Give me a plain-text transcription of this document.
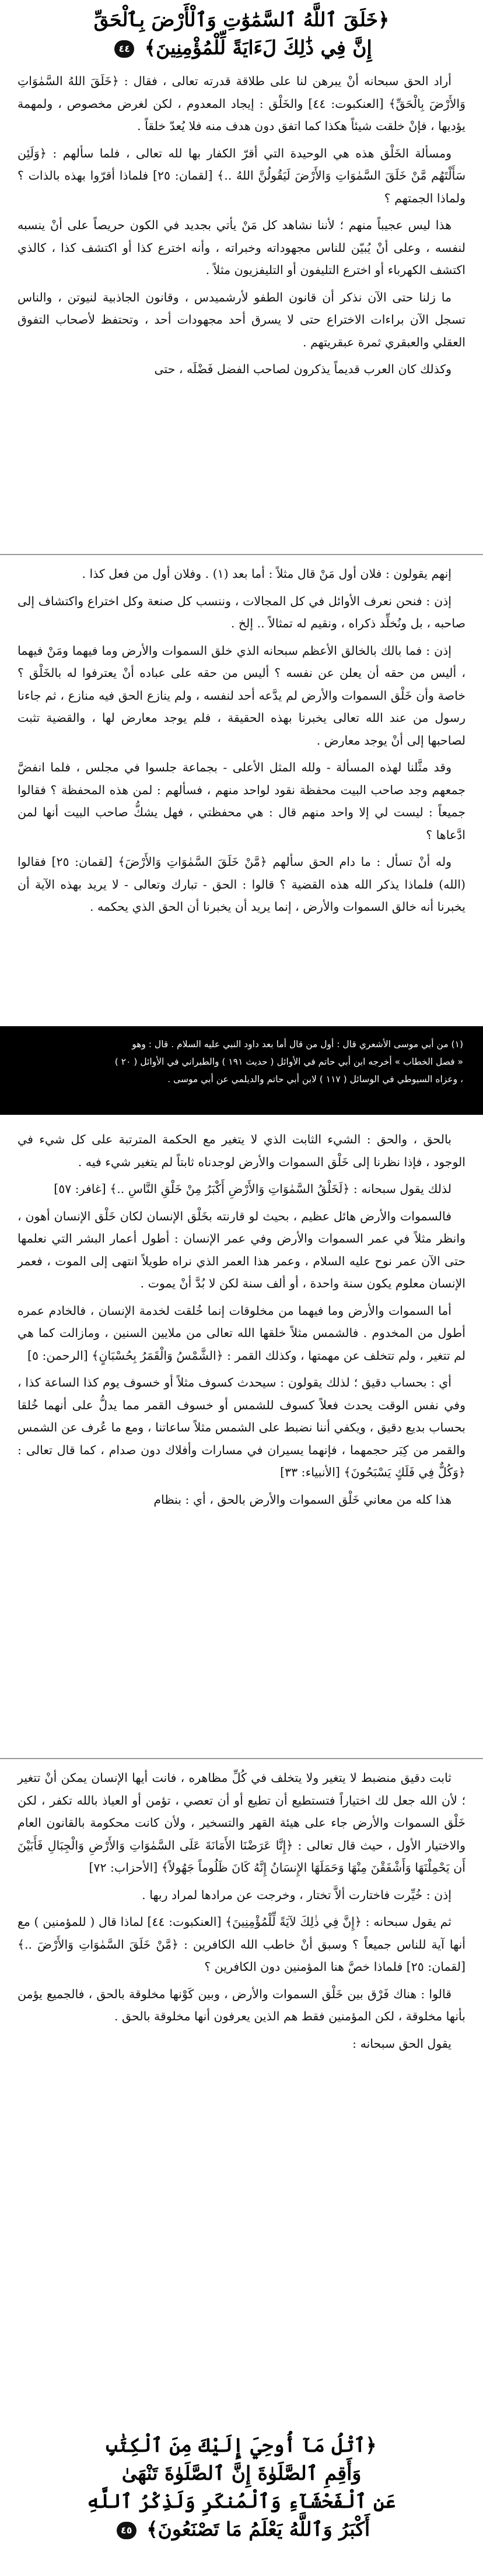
﴿خَلَقَ ٱللَّهُ ٱلسَّمَٰوَٰتِ وَٱلْأَرْضَ بِٱلْحَقِّ
إِنَّ فِي ذَٰلِكَ لَءَايَةً لِّلْمُؤْمِنِينَ﴾ ٤٤

أراد الحق سبحانه أنْ يبرهن لنا على طلاقة قدرته تعالى ، فقال : ﴿خَلَقَ اللهُ السَّمٰوَاتِ وَالأَرْضَ بِالْحَقِّ﴾ [العنكبوت: ٤٤] والخَلْق : إيجاد المعدوم ، لكن لغرض مخصوص ، ولمهمة يؤديها ، فإنْ خلقت شيئاً هكذا كما اتفق دون هدف منه فلا يُعدّ خلقاً .

ومسألة الخَلْق هذه هي الوحيدة التي أقرّ الكفار بها لله تعالى ، فلما سألهم : ﴿وَلَئِن سَأَلْتَهُم مَّنْ خَلَقَ السَّمٰوَاتِ وَالأَرْضَ لَيَقُولُنَّ اللهُ ..﴾ [لقمان: ٢٥] فلماذا أقرّوا بهذه بالذات ؟ ولماذا الجمتهم ؟

هذا ليس عجيباً منهم ؛ لأننا نشاهد كل مَنْ يأتي بجديد في الكون حريصاً على أنْ ينسبه لنفسه ، وعلى أنْ يُبيّن للناس مجهوداته وخبراته ، وأنه اخترع كذا أو اكتشف كذا ، كالذي اكتشف الكهرباء أو اخترع التليفون أو التليفزيون مثلاً .

ما زلنا حتى الآن نذكر أن قانون الطفو لأرشميدس ، وقانون الجاذبية لنيوتن ، والناس تسجل الآن براءات الاختراع حتى لا يسرق أحد مجهودات أحد ، وتحتفظ لأصحاب التفوق العقلي والعبقري ثمرة عبقريتهم .

وكذلك كان العرب قديماً يذكرون لصاحب الفضل فَضْلَه ، حتى

إنهم يقولون : فلان أول مَنْ قال مثلاً : أما بعد (١) . وفلان أول من فعل كذا .

إذن : فنحن نعرف الأوائل في كل المجالات ، وننسب كل صنعة وكل اختراع واكتشاف إلى صاحبه ، بل ونُخلِّد ذكراه ، ونقيم له تمثالاً .. إلخ .

إذن : فما بالك بالخالق الأعظم سبحانه الذي خلق السموات والأرض وما فيهما ومَنْ فيهما ، أليس من حقه أن يعلن عن نفسه ؟ أليس من حقه على عباده أنْ يعترفوا له بالخَلْق ؟ خاصة وأن خَلْق السموات والأرض لم يدَّعه أحد لنفسه ، ولم ينازع الحق فيه منازع ، ثم جاءنا رسول من عند الله تعالى يخبرنا بهذه الحقيقة ، فلم يوجد معارض لها ، والقضية تثبت لصاحبها إلى أنْ يوجد معارض .

وقد مثَّلنا لهذه المسألة - ولله المثل الأعلى - بجماعة جلسوا في مجلس ، فلما انفضَّ جمعهم وجد صاحب البيت محفظة نقود لواحد منهم ، فسألهم : لمن هذه المحفظة ؟ فقالوا جميعاً : ليست لي إلا واحد منهم قال : هي محفظتي ، فهل يشكُّ صاحب البيت أنها لمن ادَّعاها ؟

وله أنْ تسأل : ما دام الحق سألهم ﴿مَّنْ خَلَقَ السَّمٰوَاتِ وَالأَرْضَ﴾ [لقمان: ٢٥] فقالوا (الله) فلماذا يذكر الله هذه القضية ؟ قالوا : الحق - تبارك وتعالى - لا يريد بهذه الآية أن يخبرنا أنه خالق السموات والأرض ، إنما يريد أن يخبرنا أن الحق الذي يحكمه .

(١) من أبي موسى الأشعري قال : أول من قال أما بعد داود النبي عليه السلام . قال : وهو

« فصل الخطاب » أخرجه ابن أبي حاتم في الأوائل ( حديث ١٩١ ) والطبراني في الأوائل ( ٢٠ )

، وعزاه السيوطي في الوسائل ( ١١٧ ) لابن أبي حاتم والديلمي عن أبي موسى .

بالحق ، والحق : الشيء الثابت الذي لا يتغير مع الحكمة المترتبة على كل شيء في الوجود ، فإذا نظرنا إلى خَلْق السموات والأرض لوجدناه ثابتاً لم يتغير شيء فيه .

لذلك يقول سبحانه : ﴿لَخَلْقُ السَّمٰوَاتِ وَالأَرْضِ أَكْبَرُ مِنْ خَلْقِ النَّاسِ ..﴾ [غافر: ٥٧]

فالسموات والأرض هائل عظيم ، بحيث لو قارنته بخَلْق الإنسان لكان خَلْق الإنسان أهون ، وانظر مثلاً في عمر السموات والأرض وفي عمر الإنسان : أطول أعمار البشر التي نعلمها حتى الآن عمر نوح عليه السلام ، وعمر هذا العمر الذي نراه طويلاً انتهى إلى الموت ، فعمر الإنسان معلوم يكون سنة واحدة ، أو ألف سنة لكن لا بُدَّ أنْ يموت .

أما السموات والأرض وما فيهما من مخلوقات إنما خُلقت لخدمة الإنسان ، فالخادم عمره أطول من المخدوم . فالشمس مثلاً خلقها الله تعالى من ملايين السنين ، ومازالت كما هي لم تتغير ، ولم تتخلف عن مهمتها ، وكذلك القمر : ﴿الشَّمْسُ وَالْقَمَرُ بِحُسْبَانٍ﴾ [الرحمن: ٥]

أي : بحساب دقيق ؛ لذلك يقولون : سيحدث كسوف مثلاً أو خسوف يوم كذا الساعة كذا ، وفي نفس الوقت يحدث فعلاً كسوف للشمس أو خسوف القمر مما يدلُّ على أنهما خُلقا بحساب بديع دقيق ، ويكفي أننا نضبط على الشمس مثلاً ساعاتنا ، ومع ما عُرف عن الشمس والقمر من كِبَر حجمهما ، فإنهما يسيران في مسارات وأفلاك دون صدام ، كما قال تعالى : ﴿وَكُلٌّ فِي فَلَكٍ يَسْبَحُونَ﴾ [الأنبياء: ٣٣]

هذا كله من معاني خَلْق السموات والأرض بالحق ، أي : بنظام

ثابت دقيق منضبط لا يتغير ولا يتخلف في كُلِّ مظاهره ، فانت أيها الإنسان يمكن أنْ تتغير ؛ لأن الله جعل لك اختياراً فتستطيع أن تطيع أو أن تعصي ، تؤمن أو العياذ بالله تكفر ، لكن خَلْق السموات والأرض جاء على هيئة القهر والتسخير ، ولأن كانت محكومة بالقانون العام والاختيار الأول ، حيث قال تعالى : ﴿إِنَّا عَرَضْنَا الأَمَانَةَ عَلَى السَّمٰوَاتِ وَالأَرْضِ وَالْجِبَالِ فَأَبَيْنَ أَن يَحْمِلْنَهَا وَأَشْفَقْنَ مِنْهَا وَحَمَلَهَا الإِنسَانُ إِنَّهُ كَانَ ظَلُوماً جَهُولاً﴾ [الأحزاب: ٧٢]

إذن : خُيِّرت فاختارت ألاَّ تختار ، وخرجت عن مرادها لمراد ربها .

ثم يقول سبحانه : ﴿إِنَّ فِي ذٰلِكَ لآيَةً لِّلْمُؤْمِنِينَ﴾ [العنكبوت: ٤٤] لماذا قال ( للمؤمنين ) مع أنها آية للناس جميعاً ؟ وسبق أنْ خاطب الله الكافرين : ﴿مَّنْ خَلَقَ السَّمٰوَاتِ وَالأَرْضَ ..﴾ [لقمان: ٢٥] فلماذا خصَّ هنا المؤمنين دون الكافرين ؟

قالوا : هناك فَرْق بين خَلْق السموات والأرض ، وبين كَوْنها مخلوقة بالحق ، فالجميع يؤمن بأنها مخلوقة ، لكن المؤمنين فقط هم الذين يعرفون أنها مخلوقة بالحق .

يقول الحق سبحانه :

﴿ٱتْلُ مَآ أُوحِيَ إِلَيْكَ مِنَ ٱلْكِتَٰبِ
وَأَقِمِ ٱلصَّلَوٰةَ إِنَّ ٱلصَّلَوٰةَ تَنْهَىٰ
عَنِ ٱلْفَحْشَآءِ وَٱلْمُنكَرِ وَلَذِكْرُ ٱللَّهِ
أَكْبَرُ وَٱللَّهُ يَعْلَمُ مَا تَصْنَعُونَ﴾ ٤٥
